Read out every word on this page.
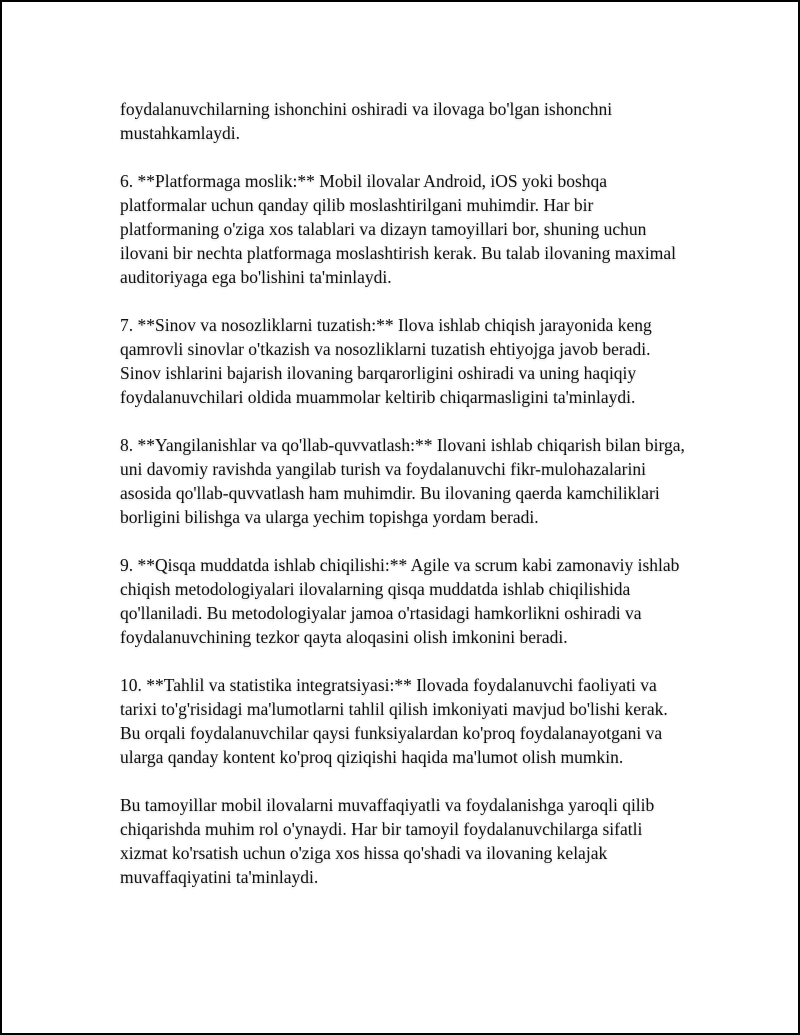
foydalanuvchilarning ishonchini oshiradi va ilovaga bo'lgan ishonchni mustahkamlaydi.

6. **Platformaga moslik:** Mobil ilovalar Android, iOS yoki boshqa platformalar uchun qanday qilib moslashtirilgani muhimdir. Har bir platformaning o'ziga xos talablari va dizayn tamoyillari bor, shuning uchun ilovani bir nechta platformaga moslashtirish kerak. Bu talab ilovaning maximal auditoriyaga ega bo'lishini ta'minlaydi.

7. **Sinov va nosozliklarni tuzatish:** Ilova ishlab chiqish jarayonida keng qamrovli sinovlar o'tkazish va nosozliklarni tuzatish ehtiyojga javob beradi. Sinov ishlarini bajarish ilovaning barqarorligini oshiradi va uning haqiqiy foydalanuvchilari oldida muammolar keltirib chiqarmasligini ta'minlaydi.

8. **Yangilanishlar va qo'llab-quvvatlash:** Ilovani ishlab chiqarish bilan birga, uni davomiy ravishda yangilab turish va foydalanuvchi fikr-mulohazalarini asosida qo'llab-quvvatlash ham muhimdir. Bu ilovaning qaerda kamchiliklari borligini bilishga va ularga yechim topishga yordam beradi.

9. **Qisqa muddatda ishlab chiqilishi:** Agile va scrum kabi zamonaviy ishlab chiqish metodologiyalari ilovalarning qisqa muddatda ishlab chiqilishida qo'llaniladi. Bu metodologiyalar jamoa o'rtasidagi hamkorlikni oshiradi va foydalanuvchining tezkor qayta aloqasini olish imkonini beradi.

10. **Tahlil va statistika integratsiyasi:** Ilovada foydalanuvchi faoliyati va tarixi to'g'risidagi ma'lumotlarni tahlil qilish imkoniyati mavjud bo'lishi kerak. Bu orqali foydalanuvchilar qaysi funksiyalardan ko'proq foydalanayotgani va ularga qanday kontent ko'proq qiziqishi haqida ma'lumot olish mumkin.

Bu tamoyillar mobil ilovalarni muvaffaqiyatli va foydalanishga yaroqli qilib chiqarishda muhim rol o'ynaydi. Har bir tamoyil foydalanuvchilarga sifatli xizmat ko'rsatish uchun o'ziga xos hissa qo'shadi va ilovaning kelajak muvaffaqiyatini ta'minlaydi.
